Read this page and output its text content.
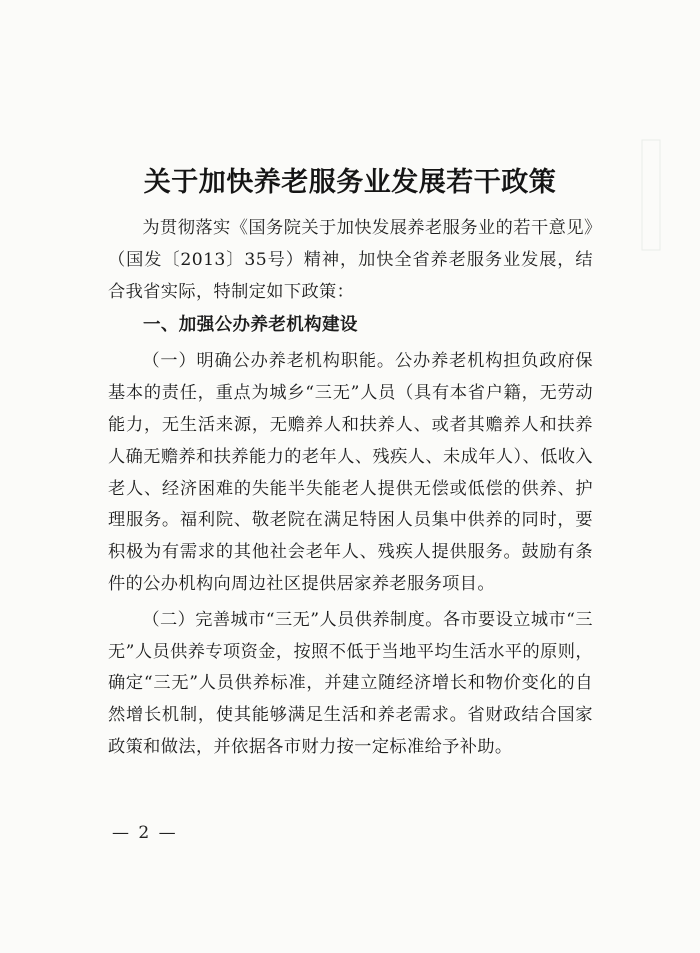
关于加快养老服务业发展若干政策

为贯彻落实《国务院关于加快发展养老服务业的若干意见》（国发〔2013〕35号）精神，加快全省养老服务业发展，结合我省实际，特制定如下政策：

一、加强公办养老机构建设

（一）明确公办养老机构职能。公办养老机构担负政府保基本的责任，重点为城乡“三无”人员（具有本省户籍，无劳动能力，无生活来源，无赡养人和扶养人、或者其赡养人和扶养人确无赡养和扶养能力的老年人、残疾人、未成年人）、低收入老人、经济困难的失能半失能老人提供无偿或低偿的供养、护理服务。福利院、敬老院在满足特困人员集中供养的同时，要积极为有需求的其他社会老年人、残疾人提供服务。鼓励有条件的公办机构向周边社区提供居家养老服务项目。

（二）完善城市“三无”人员供养制度。各市要设立城市“三无”人员供养专项资金，按照不低于当地平均生活水平的原则，确定“三无”人员供养标准，并建立随经济增长和物价变化的自然增长机制，使其能够满足生活和养老需求。省财政结合国家政策和做法，并依据各市财力按一定标准给予补助。

— 2 —
